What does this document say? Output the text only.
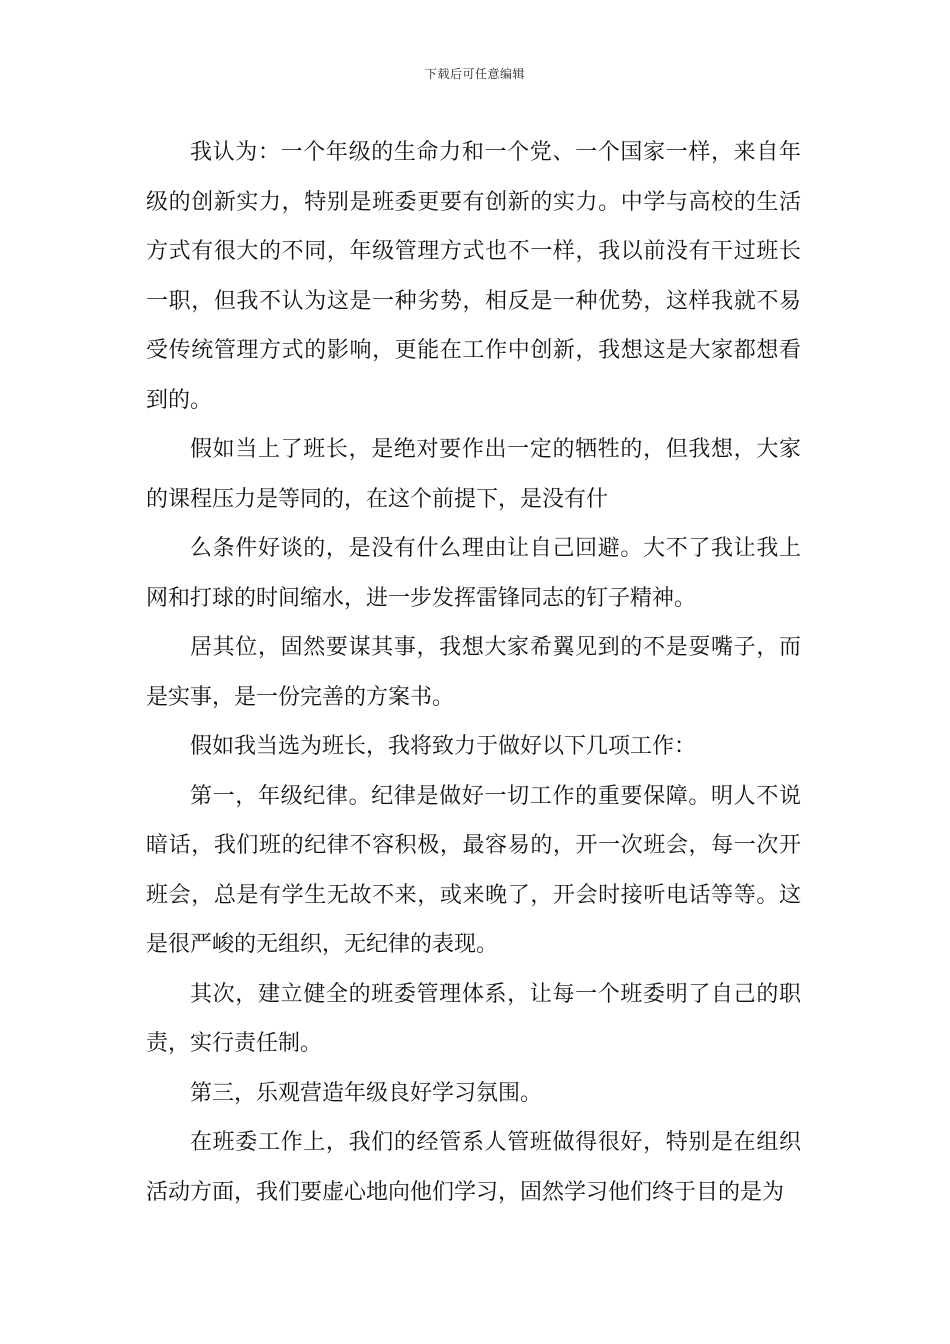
下载后可任意编辑

我认为：一个年级的生命力和一个党、一个国家一样，来自年级的创新实力，特别是班委更要有创新的实力。中学与高校的生活方式有很大的不同，年级管理方式也不一样，我以前没有干过班长一职，但我不认为这是一种劣势，相反是一种优势，这样我就不易受传统管理方式的影响，更能在工作中创新，我想这是大家都想看到的。

假如当上了班长，是绝对要作出一定的牺牲的，但我想，大家的课程压力是等同的，在这个前提下，是没有什

么条件好谈的，是没有什么理由让自己回避。大不了我让我上网和打球的时间缩水，进一步发挥雷锋同志的钉子精神。

居其位，固然要谋其事，我想大家希翼见到的不是耍嘴子，而是实事，是一份完善的方案书。

假如我当选为班长，我将致力于做好以下几项工作：

第一，年级纪律。纪律是做好一切工作的重要保障。明人不说暗话，我们班的纪律不容积极，最容易的，开一次班会，每一次开班会，总是有学生无故不来，或来晚了，开会时接听电话等等。这是很严峻的无组织，无纪律的表现。

其次，建立健全的班委管理体系，让每一个班委明了自己的职责，实行责任制。

第三，乐观营造年级良好学习氛围。

在班委工作上，我们的经管系人管班做得很好，特别是在组织活动方面，我们要虚心地向他们学习，固然学习他们终于目的是为
